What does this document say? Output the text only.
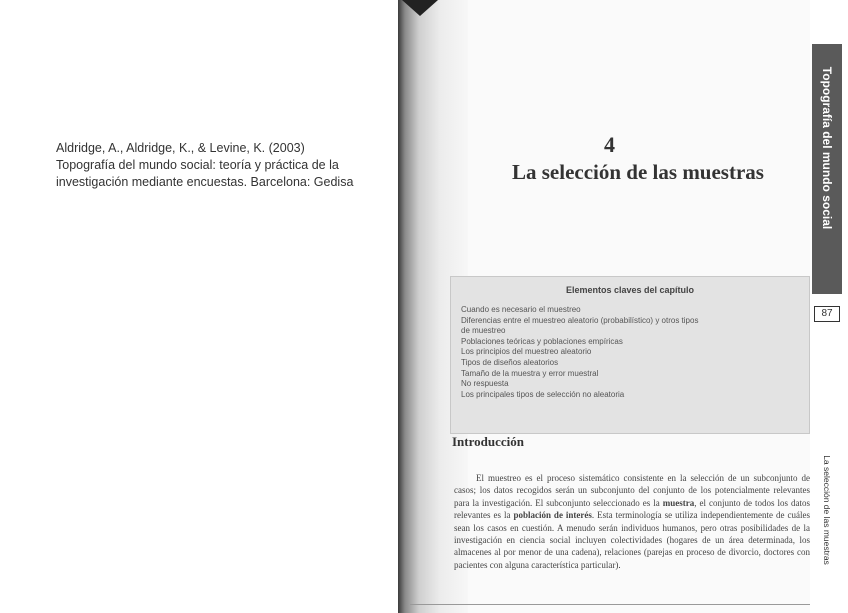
Aldridge, A., Aldridge, K., & Levine, K. (2003)
Topografía del mundo social: teoría y práctica de la
investigación mediante encuestas. Barcelona: Gedisa
4
La selección de las muestras
Elementos claves del capítulo
Cuando es necesario el muestreo
Diferencias entre el muestreo aleatorio (probabilístico) y otros tipos
de muestreo
Poblaciones teóricas y poblaciones empíricas
Los principios del muestreo aleatorio
Tipos de diseños aleatorios
Tamaño de la muestra y error muestral
No respuesta
Los principales tipos de selección no aleatoria
Introducción

El muestreo es el proceso sistemático consistente en la selección de un subconjunto de casos; los datos recogidos serán un subconjunto del conjunto de los potencialmente relevantes para la investigación. El subconjunto seleccionado es la muestra, el conjunto de todos los datos relevantes es la población de interés. Esta terminología se utiliza independientemente de cuáles sean los casos en cuestión. A menudo serán individuos humanos, pero otras posibilidades de la investigación en ciencia social incluyen colectividades (hogares de un área determinada, los almacenes al por menor de una cadena), relaciones (parejas en proceso de divorcio, doctores con pacientes con alguna característica particular).

Topografía del mundo social
87
La selección de las muestras
